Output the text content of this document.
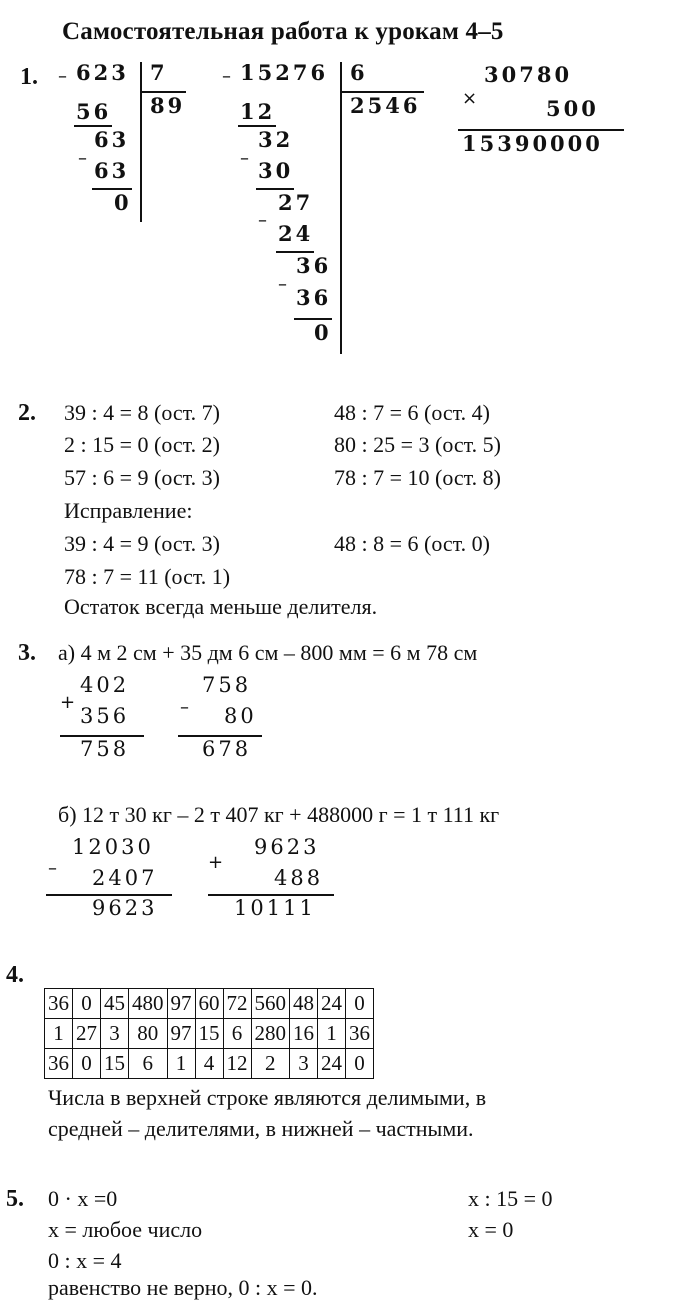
Самостоятельная работа к урокам 4–5
1. – 623 7
89
56
63
– 63
0
– 15276 6
2546
12
32
– 30
27
–
24
36
–
36
0
30780
×	500
15390000
2. 39 : 4 = 8 (ост. 7)	48 : 7 = 6 (ост. 4)
2 : 15 = 0 (ост. 2)	80 : 25 = 3 (ост. 5)
57 : 6 = 9 (ост. 3)	78 : 7 = 10 (ост. 8)
Исправление:
39 : 4 = 9 (ост. 3)	48 : 8 = 6 (ост. 0)
78 : 7 = 11 (ост. 1)
Остаток всегда меньше делителя.
3. а) 4 м 2 см + 35 дм 6 см – 800 мм = 6 м 78 см
402
+
356
758
758
– 80
678
б) 12 т 30 кг – 2 т 407 кг + 488000 г = 1 т 111 кг
12030
– 2407
9623
9623
+
488
10111
4.
36	0	45	480	97	60	72	560	48	24	0
1	27	3	80	97	15	6	280	16	1	36
36	0	15	6	1	4	12	2	3	24	0
Числа в верхней строке являются делимыми, в
средней – делителями, в нижней – частными.
5. 0 · x =0
x = любое число
0 : x = 4
равенство не верно, 0 : x = 0.
x : 15 = 0
x = 0
